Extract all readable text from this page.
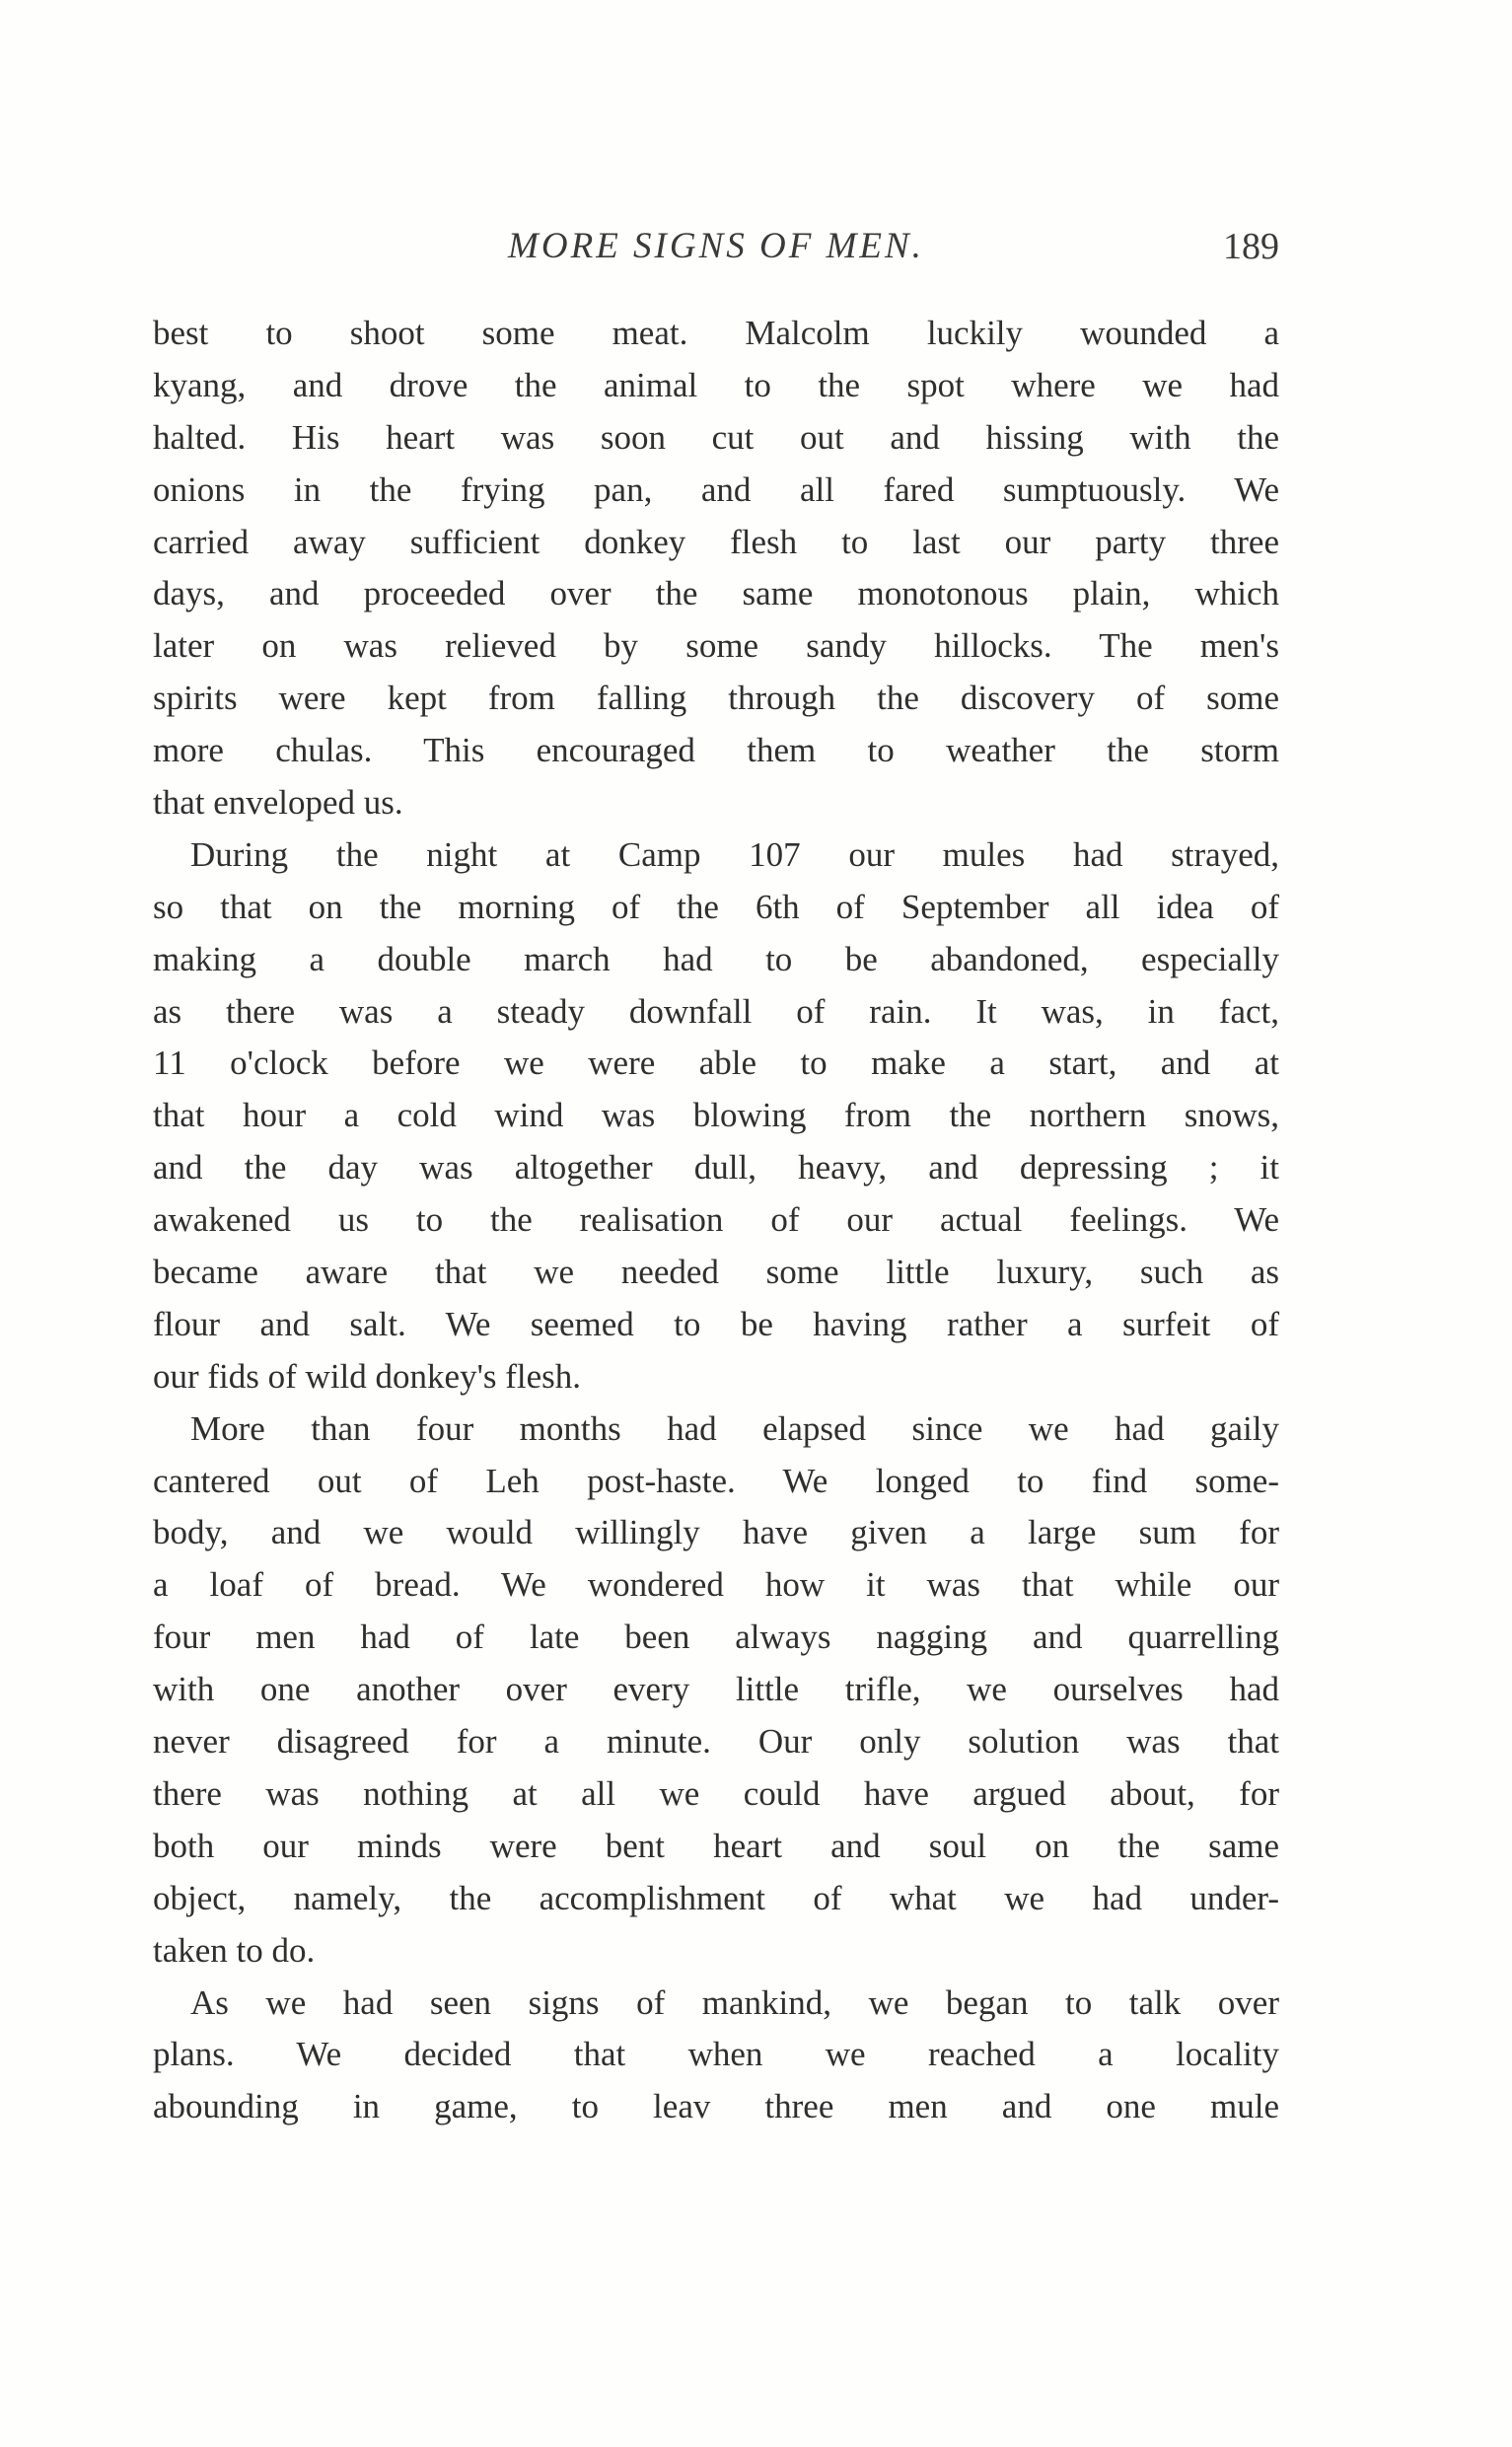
MORE SIGNS OF MEN.	189
best to shoot some meat. Malcolm luckily wounded a
kyang, and drove the animal to the spot where we had
halted. His heart was soon cut out and hissing with the
onions in the frying pan, and all fared sumptuously. We
carried away sufficient donkey flesh to last our party three
days, and proceeded over the same monotonous plain, which
later on was relieved by some sandy hillocks. The men's
spirits were kept from falling through the discovery of some
more chulas. This encouraged them to weather the storm
that enveloped us.
During the night at Camp 107 our mules had strayed,
so that on the morning of the 6th of September all idea of
making a double march had to be abandoned, especially
as there was a steady downfall of rain. It was, in fact,
11 o'clock before we were able to make a start, and at
that hour a cold wind was blowing from the northern snows,
and the day was altogether dull, heavy, and depressing ; it
awakened us to the realisation of our actual feelings. We
became aware that we needed some little luxury, such as
flour and salt. We seemed to be having rather a surfeit of
our fids of wild donkey's flesh.
More than four months had elapsed since we had gaily
cantered out of Leh post-haste. We longed to find some-
body, and we would willingly have given a large sum for
a loaf of bread. We wondered how it was that while our
four men had of late been always nagging and quarrelling
with one another over every little trifle, we ourselves had
never disagreed for a minute. Our only solution was that
there was nothing at all we could have argued about, for
both our minds were bent heart and soul on the same
object, namely, the accomplishment of what we had under-
taken to do.
As we had seen signs of mankind, we began to talk over
plans. We decided that when we reached a locality
abounding in game, to leav three men and one mule
